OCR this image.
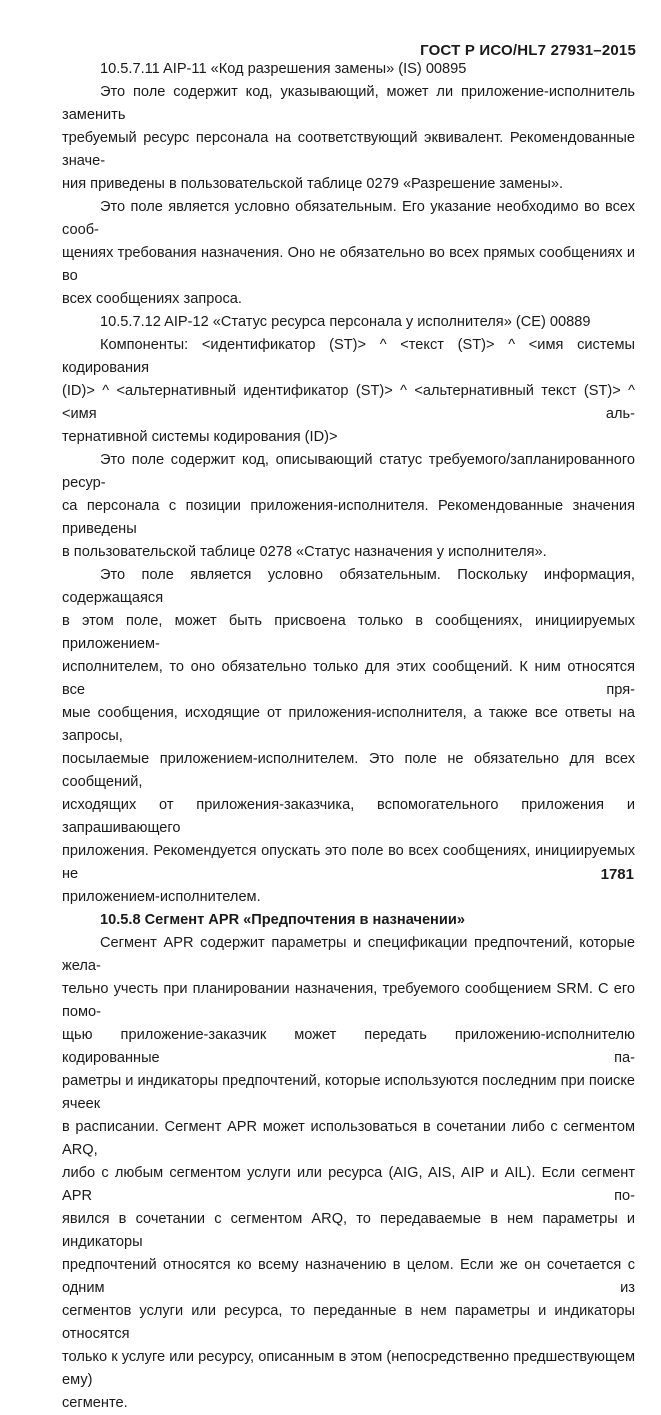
ГОСТ Р ИСО/HL7 27931–2015
10.5.7.11 AIP-11 «Код разрешения замены» (IS) 00895
Это поле содержит код, указывающий, может ли приложение-исполнитель заменить
требуемый ресурс персонала на соответствующий эквивалент. Рекомендованные значе-
ния приведены в пользовательской таблице 0279 «Разрешение замены».
Это поле является условно обязательным. Его указание необходимо во всех сооб-
щениях требования назначения. Оно не обязательно во всех прямых сообщениях и во
всех сообщениях запроса.
10.5.7.12 AIP-12 «Статус ресурса персонала у исполнителя» (CE) 00889
Компоненты: <идентификатор (ST)> ^ <текст (ST)> ^ <имя системы кодирования
(ID)> ^ <альтернативный идентификатор (ST)> ^ <альтернативный текст (ST)> ^ <имя аль-
тернативной системы кодирования (ID)>
Это поле содержит код, описывающий статус требуемого/запланированного ресур-
са персонала с позиции приложения-исполнителя. Рекомендованные значения приведены
в пользовательской таблице 0278 «Статус назначения у исполнителя».
Это поле является условно обязательным. Поскольку информация, содержащаяся
в этом поле, может быть присвоена только в сообщениях, инициируемых приложением-
исполнителем, то оно обязательно только для этих сообщений. К ним относятся все пря-
мые сообщения, исходящие от приложения-исполнителя, а также все ответы на запросы,
посылаемые приложением-исполнителем. Это поле не обязательно для всех сообщений,
исходящих от приложения-заказчика, вспомогательного приложения и запрашивающего
приложения. Рекомендуется опускать это поле во всех сообщениях, инициируемых не
приложением-исполнителем.
10.5.8 Сегмент APR «Предпочтения в назначении»
Сегмент APR содержит параметры и спецификации предпочтений, которые жела-
тельно учесть при планировании назначения, требуемого сообщением SRM. С его помо-
щью приложение-заказчик может передать приложению-исполнителю кодированные па-
раметры и индикаторы предпочтений, которые используются последним при поиске ячеек
в расписании. Сегмент APR может использоваться в сочетании либо с сегментом ARQ,
либо с любым сегментом услуги или ресурса (AIG, AIS, AIP и AIL). Если сегмент APR по-
явился в сочетании с сегментом ARQ, то передаваемые в нем параметры и индикаторы
предпочтений относятся ко всему назначению в целом. Если же он сочетается с одним из
сегментов услуги или ресурса, то переданные в нем параметры и индикаторы относятся
только к услуге или ресурсу, описанным в этом (непосредственно предшествующем ему)
сегменте.
1781
